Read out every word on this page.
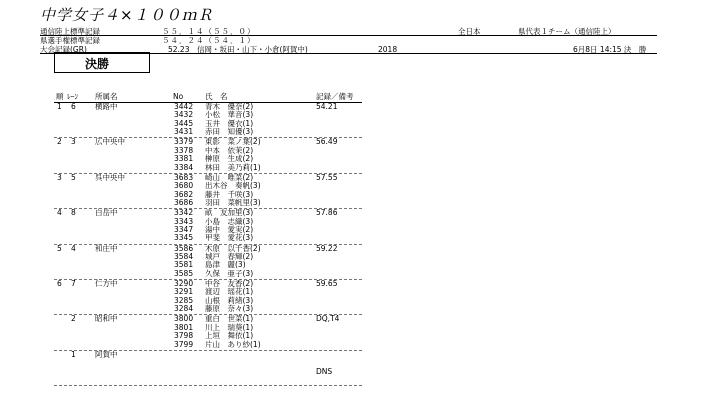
中学女子４×１００ｍＲ
通信陸上標準記録	５５．１４（５５．０）
県選手権標準記録	５４．２４（５４．１）
大会記録(GR)	52.23　信岡・坂田・山下・小倉(阿賀中)	2018
全日本	県代表１チーム（通信陸上）
6月8日 14:15 決　勝
決勝
順 ﾚｰﾝ 所属名	No	氏　名	記録／備考
1 6	横路中	54.21
3442 青木　優奈(2)
3432 小松　華音(3)
3445 玉井　優衣(1)
3431 赤田　知優(3)
2 3	広中央中	56.49
3379 東影　菜ノ葉(2)
3378 中本　依茉(2)
3381 榊原　生成(2)
3384 林田　美乃莉(1)
3 5	呉中央中	57.55
3683 崎山　唯菜(2)
3680 出木谷　奏帆(3)
3682 藤井　千咲(3)
3686 羽田　菜帆里(3)
4 8	白岳中	57.86
3342 畝　友加里(3)
3343 小島　志織(3)
3347 湯中　愛実(2)
3345 甲斐　愛花(3)
5 4	和庄中	59.22
3586 木原　以千香(2)
3584 城戸　春輝(2)
3581 島津　麗(3)
3585 久保　亜子(3)
6 7	仁方中	59.65
3290 中谷　友香(2)
3291 渡辺　瑶花(1)
3285 山根　莉緒(3)
3284 藤原　奈々(3)
2	昭和中	DQ,T4
3800 重白　世菜(1)
3801 川上　瑞葵(1)
3798 上垣　舞依(1)
3799 片山　あり紗(1)
1	阿賀中
DNS
